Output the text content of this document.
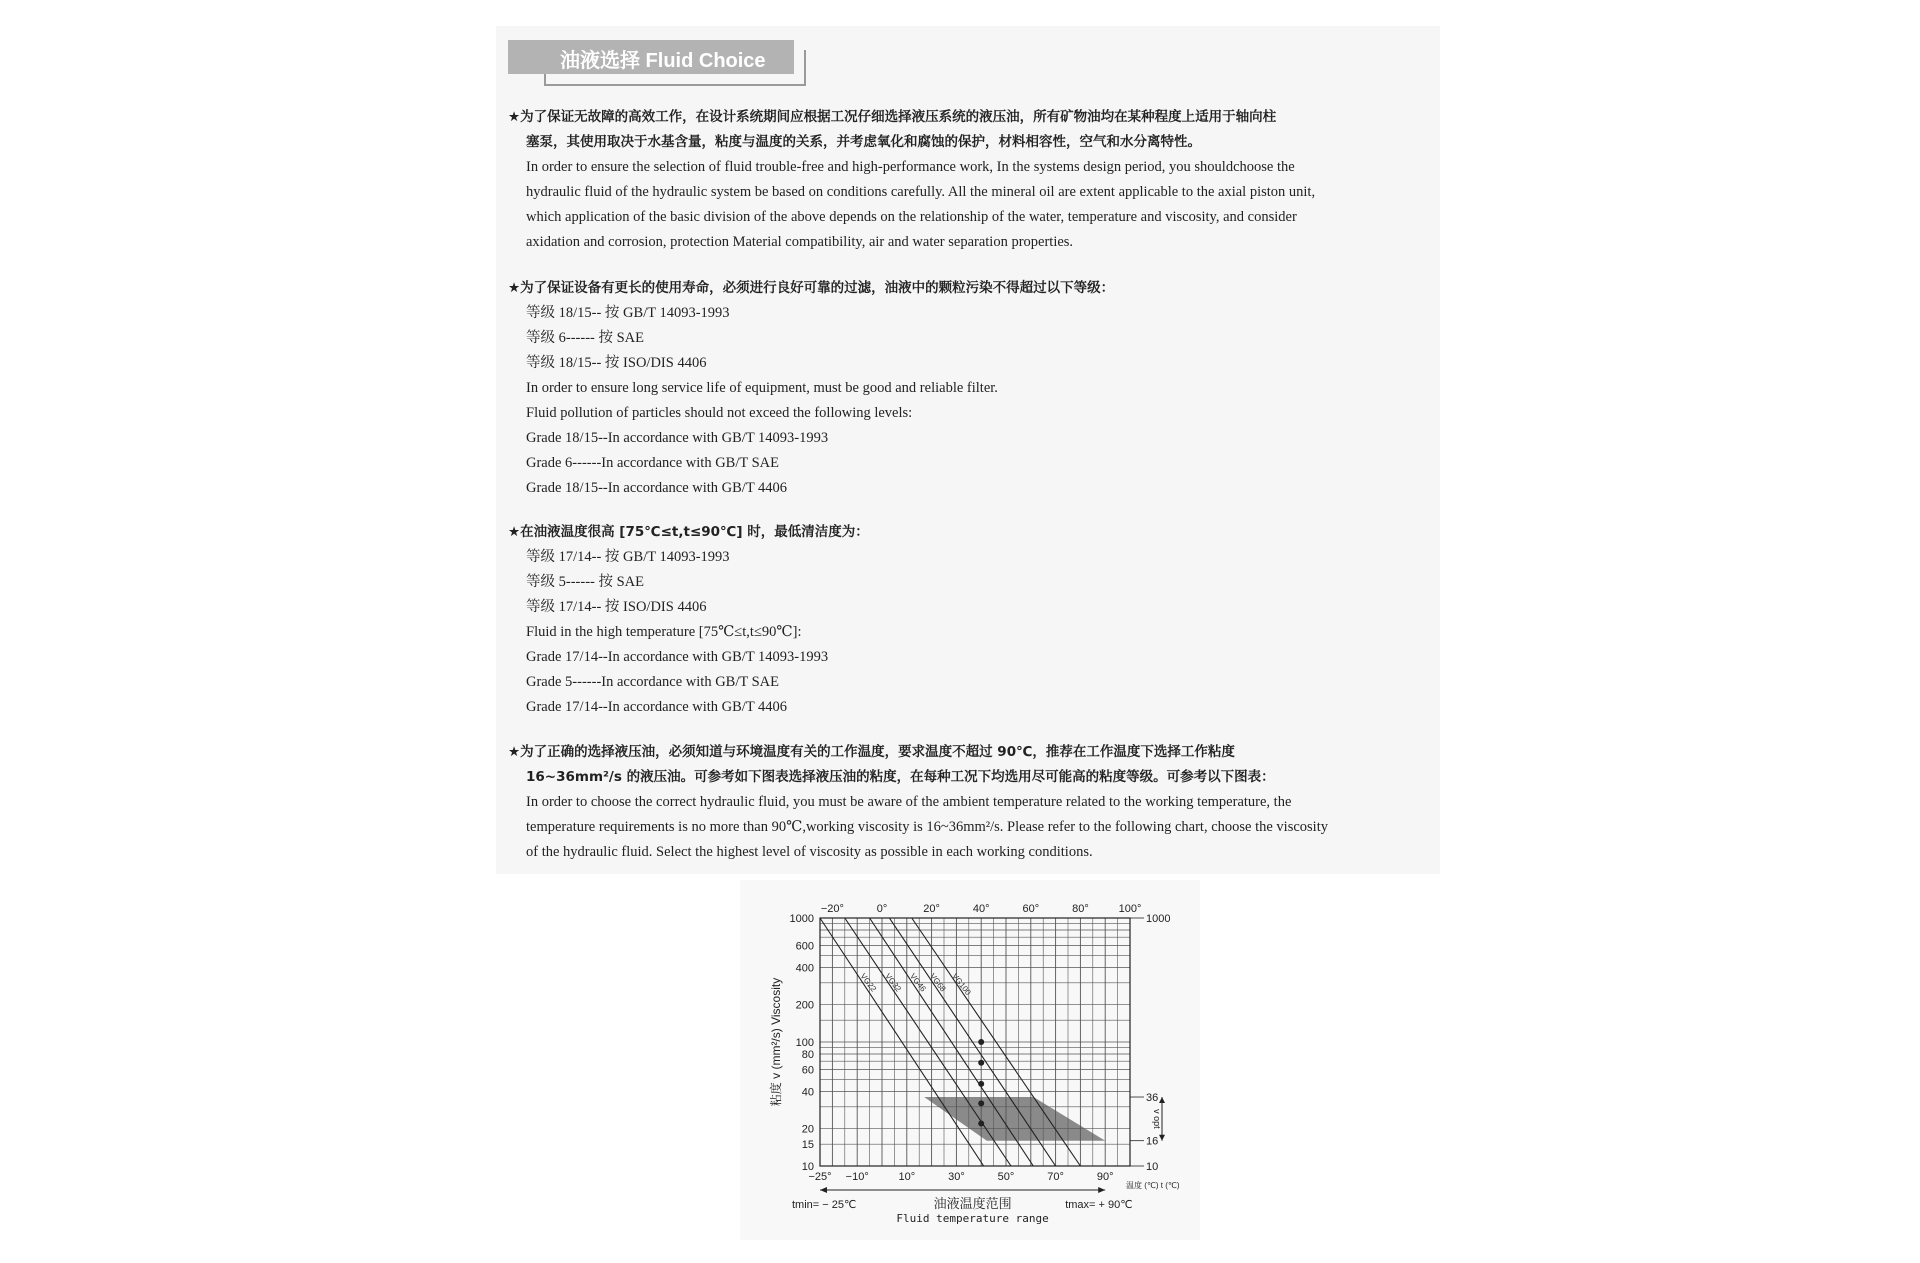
油液选择 Fluid Choice
★为了保证无故障的高效工作，在设计系统期间应根据工况仔细选择液压系统的液压油，所有矿物油均在某种程度上适用于轴向柱
塞泵，其使用取决于水基含量，粘度与温度的关系，并考虑氧化和腐蚀的保护，材料相容性，空气和水分离特性。
In order to ensure the selection of fluid trouble-free and high-performance work, In the systems design period, you shouldchoose the
hydraulic fluid of the hydraulic system be based on conditions carefully. All the mineral oil are extent applicable to the axial piston unit,
which application of the basic division of the above depends on the relationship of the water, temperature and viscosity, and consider
axidation and corrosion, protection Material compatibility, air and water separation properties.
★为了保证设备有更长的使用寿命，必须进行良好可靠的过滤，油液中的颗粒污染不得超过以下等级：
等级 18/15-- 按 GB/T 14093-1993
等级 6------ 按 SAE
等级 18/15-- 按 ISO/DIS 4406
In order to ensure long service life of equipment, must be good and reliable filter.
Fluid pollution of particles should not exceed the following levels:
Grade 18/15--In accordance with GB/T 14093-1993
Grade 6------In accordance with GB/T SAE
Grade 18/15--In accordance with GB/T 4406
★在油液温度很高 [75℃≤t,t≤90℃] 时，最低清洁度为：
等级 17/14-- 按 GB/T 14093-1993
等级 5------ 按 SAE
等级 17/14-- 按 ISO/DIS 4406
Fluid in the high temperature [75℃≤t,t≤90℃]:
Grade 17/14--In accordance with GB/T 14093-1993
Grade 5------In accordance with GB/T SAE
Grade 17/14--In accordance with GB/T 4406
★为了正确的选择液压油，必须知道与环境温度有关的工作温度，要求温度不超过 90℃，推荐在工作温度下选择工作粘度
16~36mm²/s 的液压油。可参考如下图表选择液压油的粘度，在每种工况下均选用尽可能高的粘度等级。可参考以下图表：
In order to choose the correct hydraulic fluid, you must be aware of the ambient temperature related to the working temperature, the
temperature requirements is no more than 90℃,working viscosity is 16~36mm²/s. Please refer to the following chart, choose the viscosity
of the hydraulic fluid. Select the highest level of viscosity as possible in each working conditions.
VG22 VG32 VG46 VG68 VG100
−20°	0°	20°	40°	60°	80°	100°
−25° −10°	10°	30°	50°	70°	90°
1000
600
400
200
100
80
60
40
20
15
10
1000
36
16
10
v opt
粘度 v (mm²/s) Viscosity
温度 (℃) t (℃)
tmin= − 25℃	tmax= + 90℃
油液温度范围
Fluid temperature range
